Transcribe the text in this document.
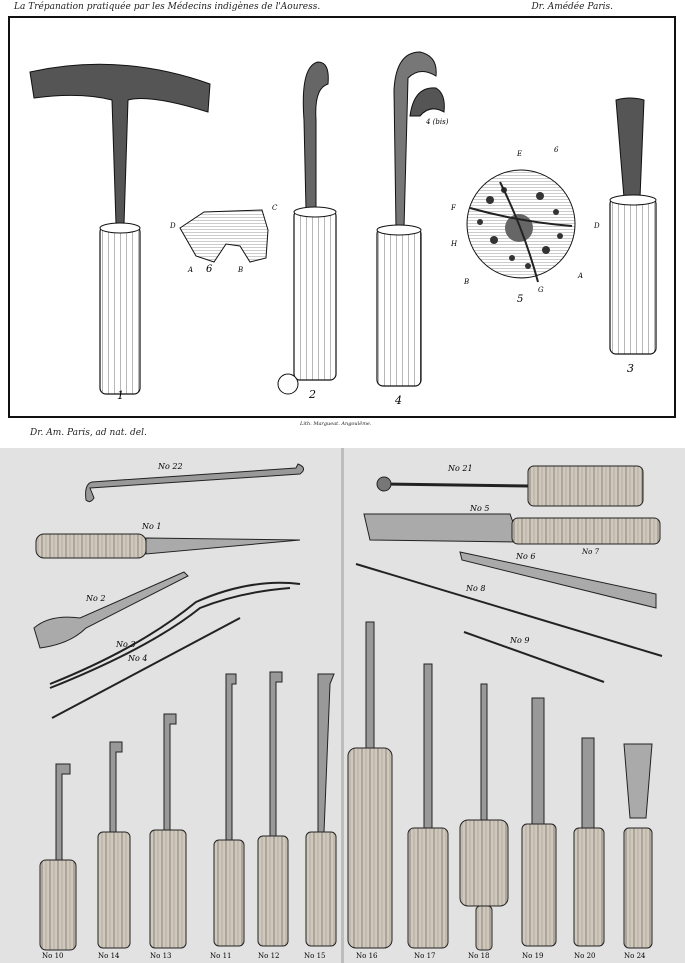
La Trépanation pratiquée par les Médecins indigènes de l'Aouress.	Dr. Amédée Paris.
1	2	4
3
4 (bis)
6
5
D
C
A	B
E	6
F
D
H
B
G
A
Dr. Am. Paris, ad nat. del.
Lith. Margueat. Angoulême.
No 22	No 21
No 1
No 5
No 2
No 6	No 7
No 3
No 4
No 8
No 9
No 10	No 14	No 13	No 11	No 12	No 15	No 16	No 17	No 18	No 19	No 20	No 24
